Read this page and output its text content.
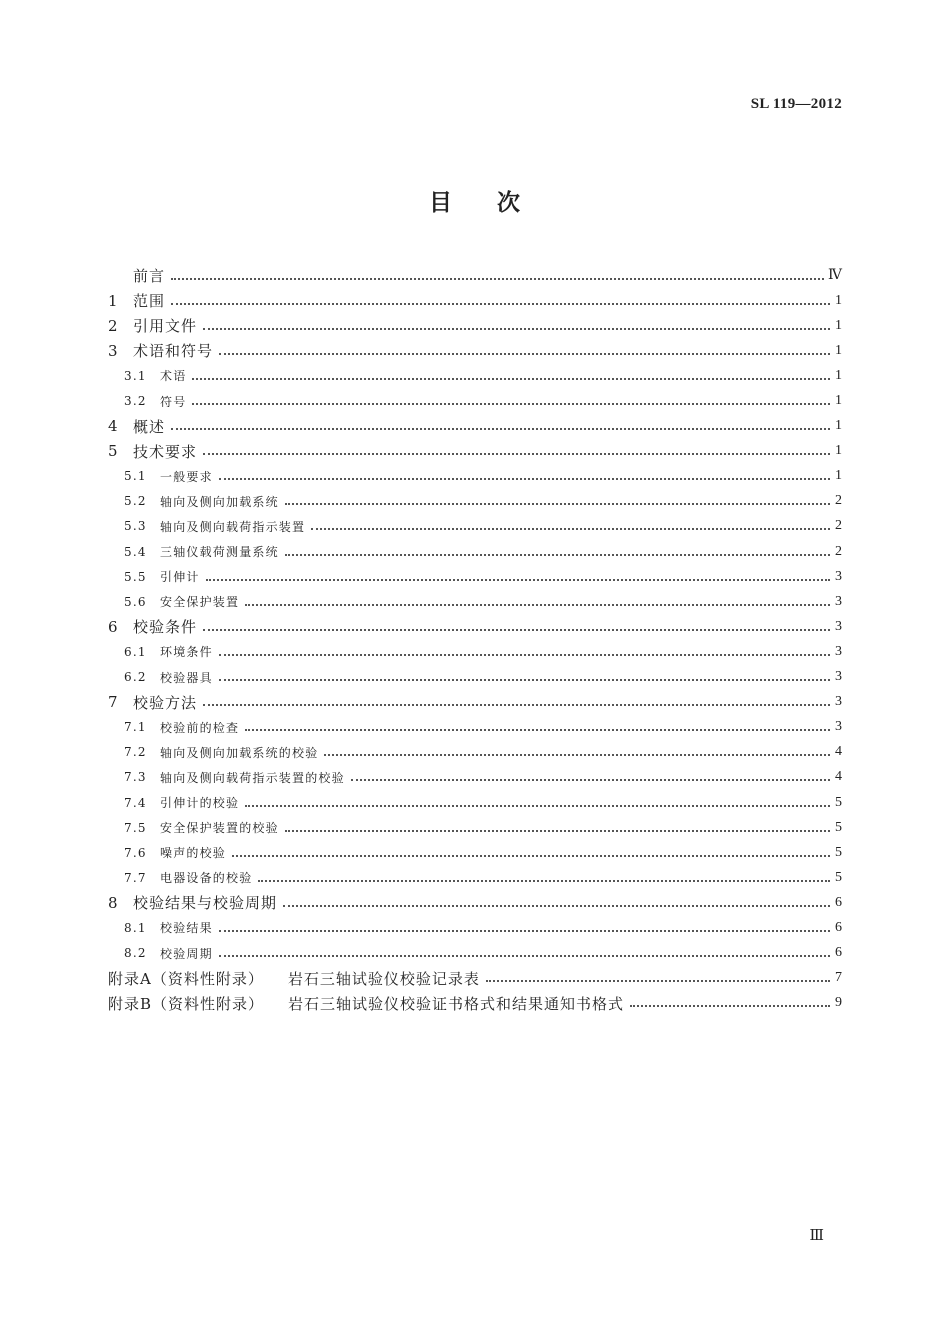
SL 119—2012
目 次
前言	Ⅳ
1 范围	1
2 引用文件	1
3 术语和符号	1
3.1	术语	1
3.2	符号	1
4 概述	1
5 技术要求	1
5.1	一般要求	1
5.2	轴向及侧向加载系统	2
5.3	轴向及侧向载荷指示装置	2
5.4	三轴仪载荷测量系统	2
5.5	引伸计	3
5.6	安全保护装置	3
6 校验条件	3
6.1	环境条件	3
6.2	校验器具	3
7 校验方法	3
7.1	校验前的检查	3
7.2	轴向及侧向加载系统的校验	4
7.3	轴向及侧向载荷指示装置的校验	4
7.4	引伸计的校验	5
7.5	安全保护装置的校验	5
7.6	噪声的校验	5
7.7	电器设备的校验	5
8 校验结果与校验周期	6
8.1	校验结果	6
8.2	校验周期	6
附录A（资料性附录） 岩石三轴试验仪校验记录表	7
附录B（资料性附录） 岩石三轴试验仪校验证书格式和结果通知书格式	9
Ⅲ
